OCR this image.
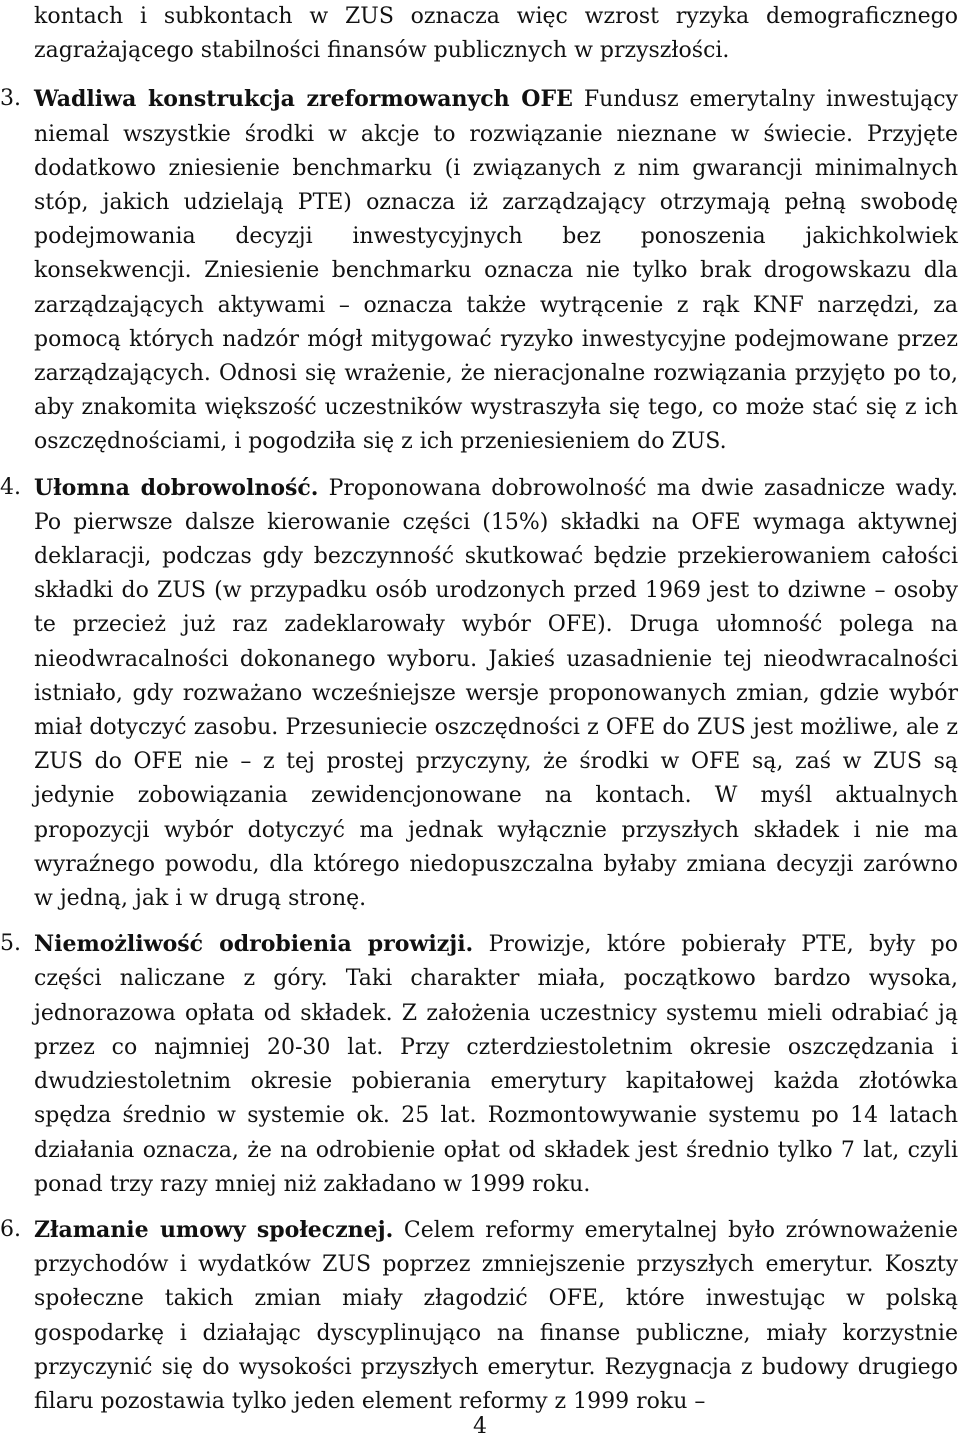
kontach i subkontach w ZUS oznacza więc wzrost ryzyka demograficznego zagrażającego stabilności finansów publicznych w przyszłości.

3. Wadliwa konstrukcja zreformowanych OFE Fundusz emerytalny inwestujący niemal wszystkie środki w akcje to rozwiązanie nieznane w świecie. Przyjęte dodatkowo zniesienie benchmarku (i związanych z nim gwarancji minimalnych stóp, jakich udzielają PTE) oznacza iż zarządzający otrzymają pełną swobodę podejmowania decyzji inwestycyjnych bez ponoszenia jakichkolwiek konsekwencji. Zniesienie benchmarku oznacza nie tylko brak drogowskazu dla zarządzających aktywami – oznacza także wytrącenie z rąk KNF narzędzi, za pomocą których nadzór mógł mitygować ryzyko inwestycyjne podejmowane przez zarządzających. Odnosi się wrażenie, że nieracjonalne rozwiązania przyjęto po to, aby znakomita większość uczestników wystraszyła się tego, co może stać się z ich oszczędnościami, i pogodziła się z ich przeniesieniem do ZUS.
4. Ułomna dobrowolność. Proponowana dobrowolność ma dwie zasadnicze wady. Po pierwsze dalsze kierowanie części (15%) składki na OFE wymaga aktywnej deklaracji, podczas gdy bezczynność skutkować będzie przekierowaniem całości składki do ZUS (w przypadku osób urodzonych przed 1969 jest to dziwne – osoby te przecież już raz zadeklarowały wybór OFE). Druga ułomność polega na nieodwracalności dokonanego wyboru. Jakieś uzasadnienie tej nieodwracalności istniało, gdy rozważano wcześniejsze wersje proponowanych zmian, gdzie wybór miał dotyczyć zasobu. Przesuniecie oszczędności z OFE do ZUS jest możliwe, ale z ZUS do OFE nie – z tej prostej przyczyny, że środki w OFE są, zaś w ZUS są jedynie zobowiązania zewidencjonowane na kontach. W myśl aktualnych propozycji wybór dotyczyć ma jednak wyłącznie przyszłych składek i nie ma wyraźnego powodu, dla którego niedopuszczalna byłaby zmiana decyzji zarówno w jedną, jak i w drugą stronę.
5. Niemożliwość odrobienia prowizji. Prowizje, które pobierały PTE, były po części naliczane z góry. Taki charakter miała, początkowo bardzo wysoka, jednorazowa opłata od składek. Z założenia uczestnicy systemu mieli odrabiać ją przez co najmniej 20-30 lat. Przy czterdziestoletnim okresie oszczędzania i dwudziestoletnim okresie pobierania emerytury kapitałowej każda złotówka spędza średnio w systemie ok. 25 lat. Rozmontowywanie systemu po 14 latach działania oznacza, że na odrobienie opłat od składek jest średnio tylko 7 lat, czyli ponad trzy razy mniej niż zakładano w 1999 roku.
6. Złamanie umowy społecznej. Celem reformy emerytalnej było zrównoważenie przychodów i wydatków ZUS poprzez zmniejszenie przyszłych emerytur. Koszty społeczne takich zmian miały złagodzić OFE, które inwestując w polską gospodarkę i działając dyscyplinująco na finanse publiczne, miały korzystnie przyczynić się do wysokości przyszłych emerytur. Rezygnacja z budowy drugiego filaru pozostawia tylko jeden element reformy z 1999 roku –
4
